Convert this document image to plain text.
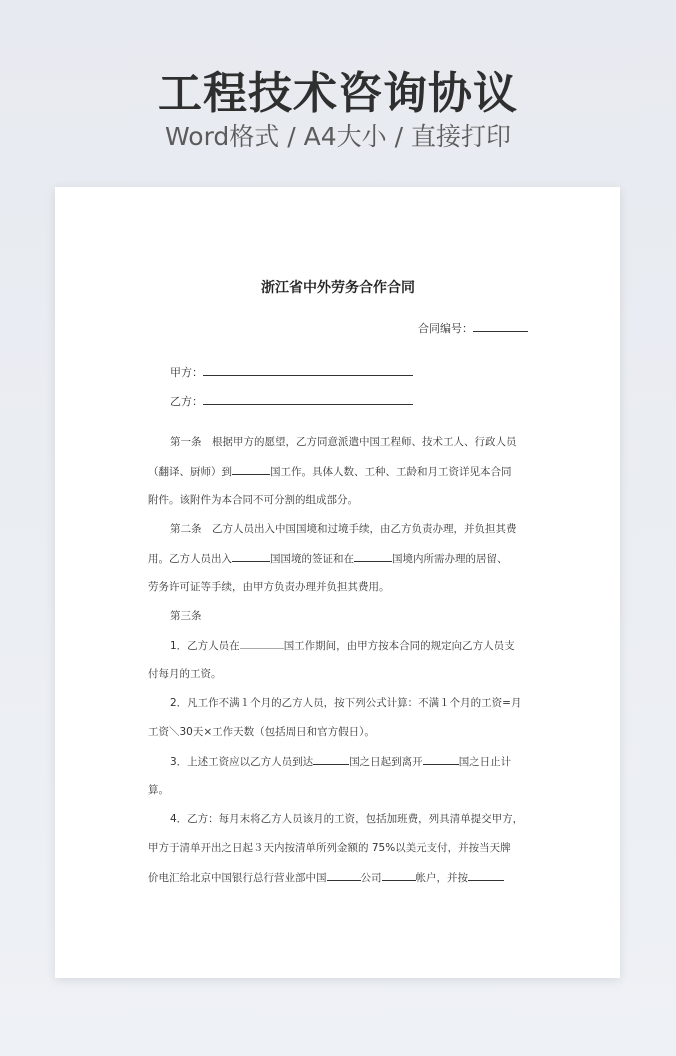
工程技术咨询协议
Word格式 / A4大小 / 直接打印
浙江省中外劳务合作合同
合同编号：
甲方：
乙方：
第一条　根据甲方的愿望，乙方同意派遣中国工程师、技术工人、行政人员
（翻译、厨师）到	国工作。具体人数、工种、工龄和月工资详见本合同
附件。该附件为本合同不可分割的组成部分。
第二条　乙方人员出入中国国境和过境手续，由乙方负责办理，并负担其费
用。乙方人员出入	国国境的签证和在	国境内所需办理的居留、
劳务许可证等手续，由甲方负责办理并负担其费用。
第三条
1．乙方人员在	国工作期间，由甲方按本合同的规定向乙方人员支
付每月的工资。
2．凡工作不满１个月的乙方人员，按下列公式计算：不满１个月的工资=月
工资＼30天×工作天数（包括周日和官方假日）。
3．上述工资应以乙方人员到达	国之日起到离开	国之日止计
算。
4．乙方：每月末将乙方人员该月的工资，包括加班费，列具清单提交甲方，
甲方于清单开出之日起３天内按清单所列金额的 75%以美元支付，并按当天牌
价电汇给北京中国银行总行营业部中国	公司	帐户，并按
